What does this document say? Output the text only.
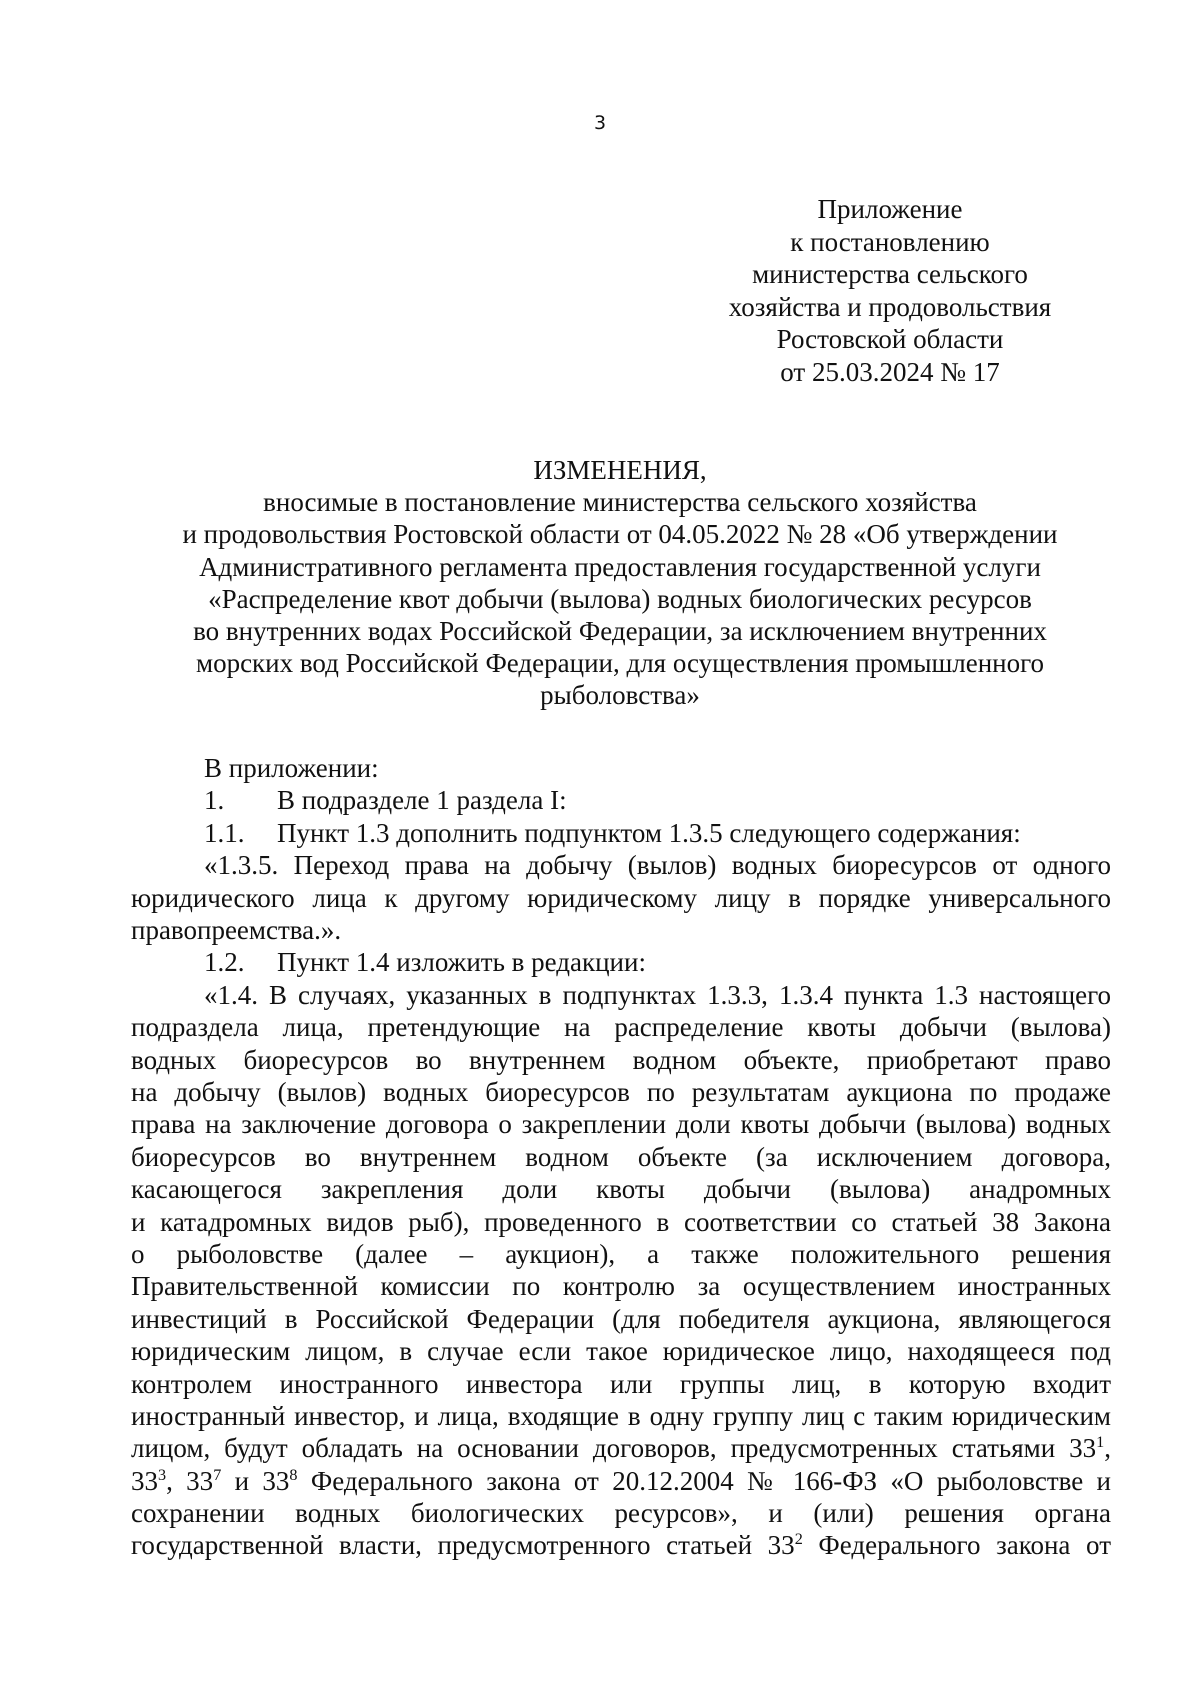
3
Приложение
к постановлению
министерства сельского
хозяйства и продовольствия
Ростовской области
от 25.03.2024 № 17
ИЗМЕНЕНИЯ,
вносимые в постановление министерства сельского хозяйства
и продовольствия Ростовской области от 04.05.2022 № 28 «Об утверждении
Административного регламента предоставления государственной услуги
«Распределение квот добычи (вылова) водных биологических ресурсов
во внутренних водах Российской Федерации, за исключением внутренних
морских вод Российской Федерации, для осуществления промышленного
рыболовства»
В приложении:
1. В подразделе 1 раздела I:
1.1. Пункт 1.3 дополнить подпунктом 1.3.5 следующего содержания:
«1.3.5. Переход права на добычу (вылов) водных биоресурсов от одного
юридического лица к другому юридическому лицу в порядке универсального
правопреемства.».
1.2. Пункт 1.4 изложить в редакции:
«1.4. В случаях, указанных в подпунктах 1.3.3, 1.3.4 пункта 1.3 настоящего
подраздела лица, претендующие на распределение квоты добычи (вылова)
водных биоресурсов во внутреннем водном объекте, приобретают право
на добычу (вылов) водных биоресурсов по результатам аукциона по продаже
права на заключение договора о закреплении доли квоты добычи (вылова) водных
биоресурсов во внутреннем водном объекте (за исключением договора,
касающегося закрепления доли квоты добычи (вылова) анадромных
и катадромных видов рыб), проведенного в соответствии со статьей 38 Закона
о рыболовстве (далее – аукцион), а также положительного решения
Правительственной комиссии по контролю за осуществлением иностранных
инвестиций в Российской Федерации (для победителя аукциона, являющегося
юридическим лицом, в случае если такое юридическое лицо, находящееся под
контролем иностранного инвестора или группы лиц, в которую входит
иностранный инвестор, и лица, входящие в одну группу лиц с таким юридическим
лицом, будут обладать на основании договоров, предусмотренных статьями $33^1$,
$33^3$, $33^7$ и $33^8$ Федерального закона от 20.12.2004 № 166-ФЗ «О рыболовстве и
сохранении водных биологических ресурсов», и (или) решения органа
государственной власти, предусмотренного статьей $33^2$ Федерального закона от
